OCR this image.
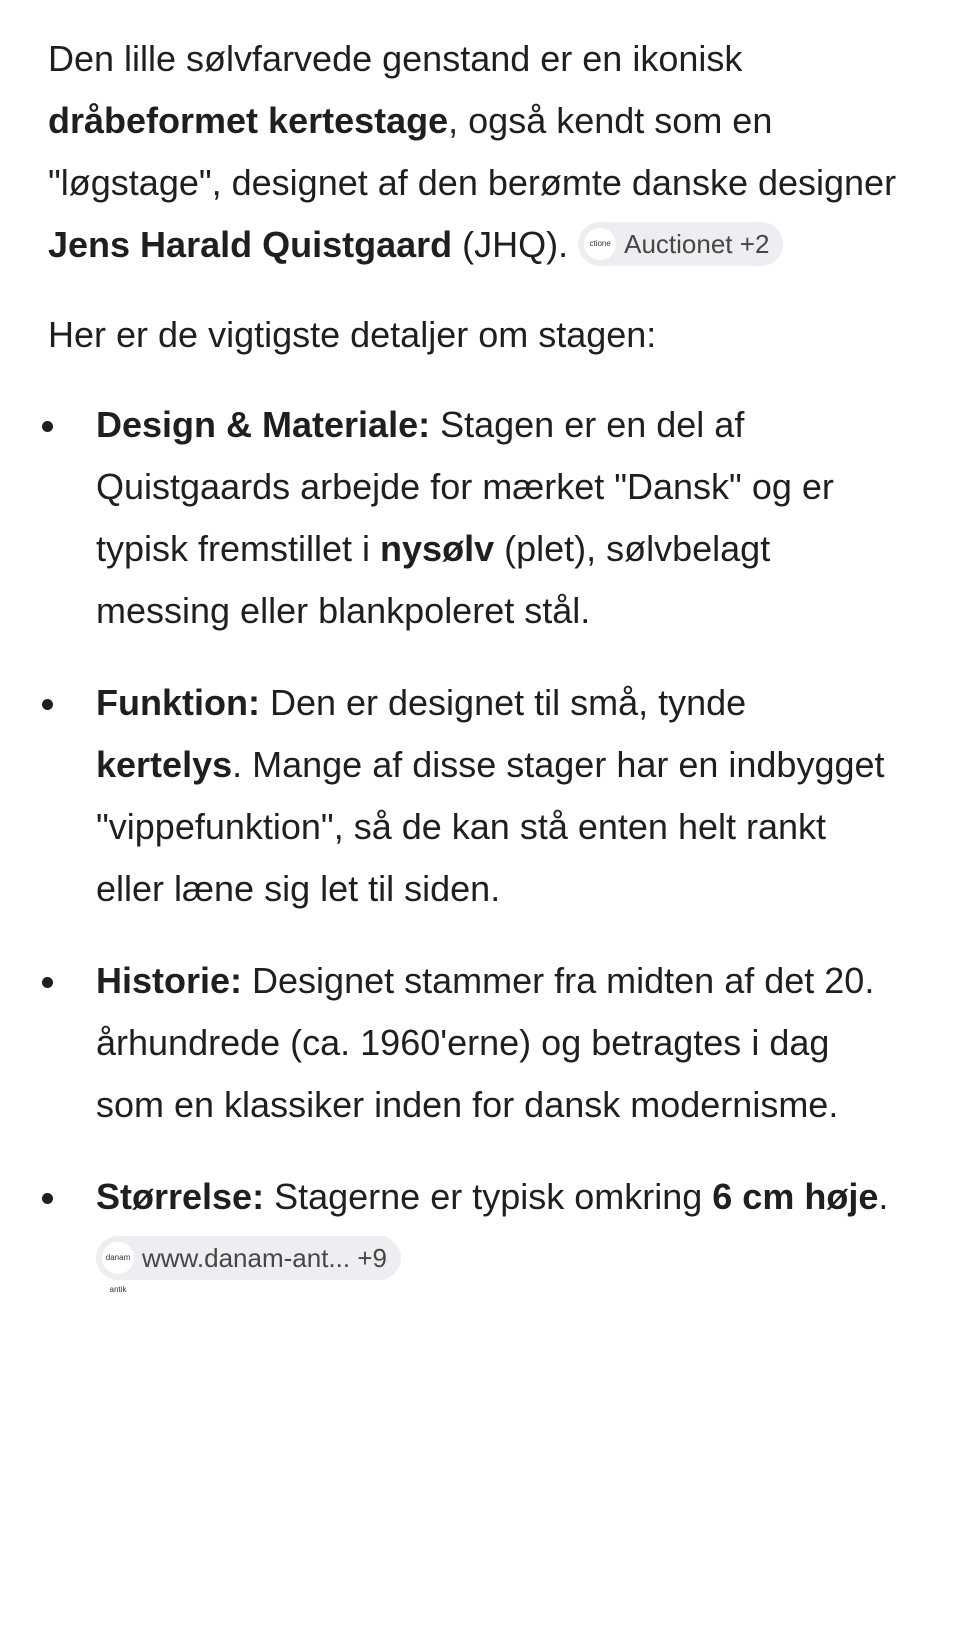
Den lille sølvfarvede genstand er en ikonisk dråbeformet kertestage, også kendt som en "løgstage", designet af den berømte danske designer Jens Harald Quistgaard (JHQ).	ctione Auctionet +2

Her er de vigtigste detaljer om stagen:

Design & Materiale: Stagen er en del af Quistgaards arbejde for mærket "Dansk" og er typisk fremstillet i nysølv (plet), sølvbelagt messing eller blankpoleret stål.
Funktion: Den er designet til små, tynde kertelys. Mange af disse stager har en indbygget "vippefunktion", så de kan stå enten helt rankt eller læne sig let til siden.
Historie: Designet stammer fra midten af det 20. århundrede (ca. 1960'erne) og betragtes i dag som en klassiker inden for dansk modernisme.
Størrelse: Stagerne er typisk omkring 6 cm høje.
danam antik
www.danam-ant... +9
